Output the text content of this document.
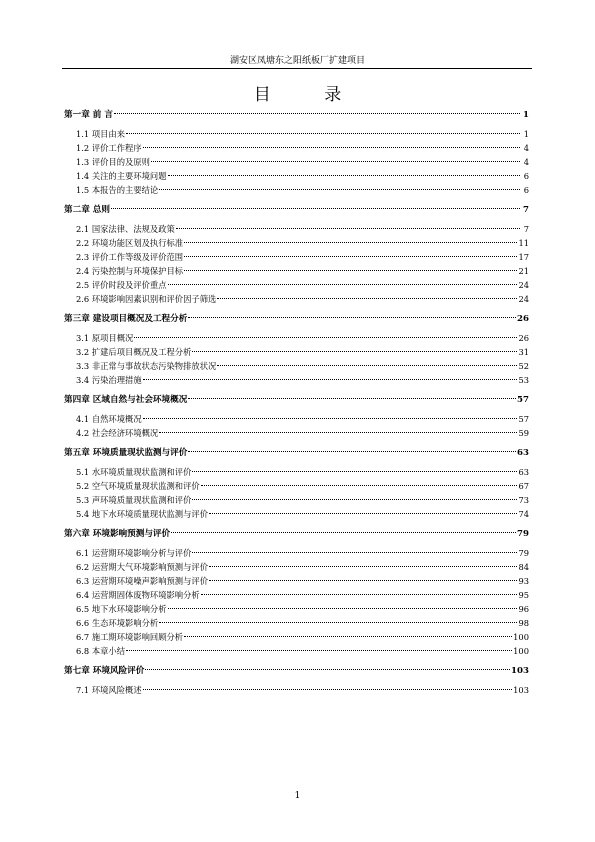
湖安区凤塘东之阳纸板厂扩建项目
目 录
第一章 前 言	1
1.1 项目由来	1
1.2 评价工作程序	4
1.3 评价目的及原则	4
1.4 关注的主要环境问题	6
1.5 本报告的主要结论	6
第二章 总则	7
2.1 国家法律、法规及政策	7
2.2 环境功能区划及执行标准	11
2.3 评价工作等级及评价范围	17
2.4 污染控制与环境保护目标	21
2.5 评价时段及评价重点	24
2.6 环境影响因素识别和评价因子筛选	24
第三章 建设项目概况及工程分析	26
3.1 原项目概况	26
3.2 扩建后项目概况及工程分析	31
3.3 非正常与事故状态污染物排放状况	52
3.4 污染治理措施	53
第四章 区域自然与社会环境概况	57
4.1 自然环境概况	57
4.2 社会经济环境概况	59
第五章 环境质量现状监测与评价	63
5.1 水环境质量现状监测和评价	63
5.2 空气环境质量现状监测和评价	67
5.3 声环境质量现状监测和评价	73
5.4 地下水环境质量现状监测与评价	74
第六章 环境影响预测与评价	79
6.1 运营期环境影响分析与评价	79
6.2 运营期大气环境影响预测与评价	84
6.3 运营期环境噪声影响预测与评价	93
6.4 运营期固体废物环境影响分析	95
6.5 地下水环境影响分析	96
6.6 生态环境影响分析	98
6.7 施工期环境影响回顾分析	100
6.8 本章小结	100
第七章 环境风险评价	103
7.1 环境风险概述	103
1
